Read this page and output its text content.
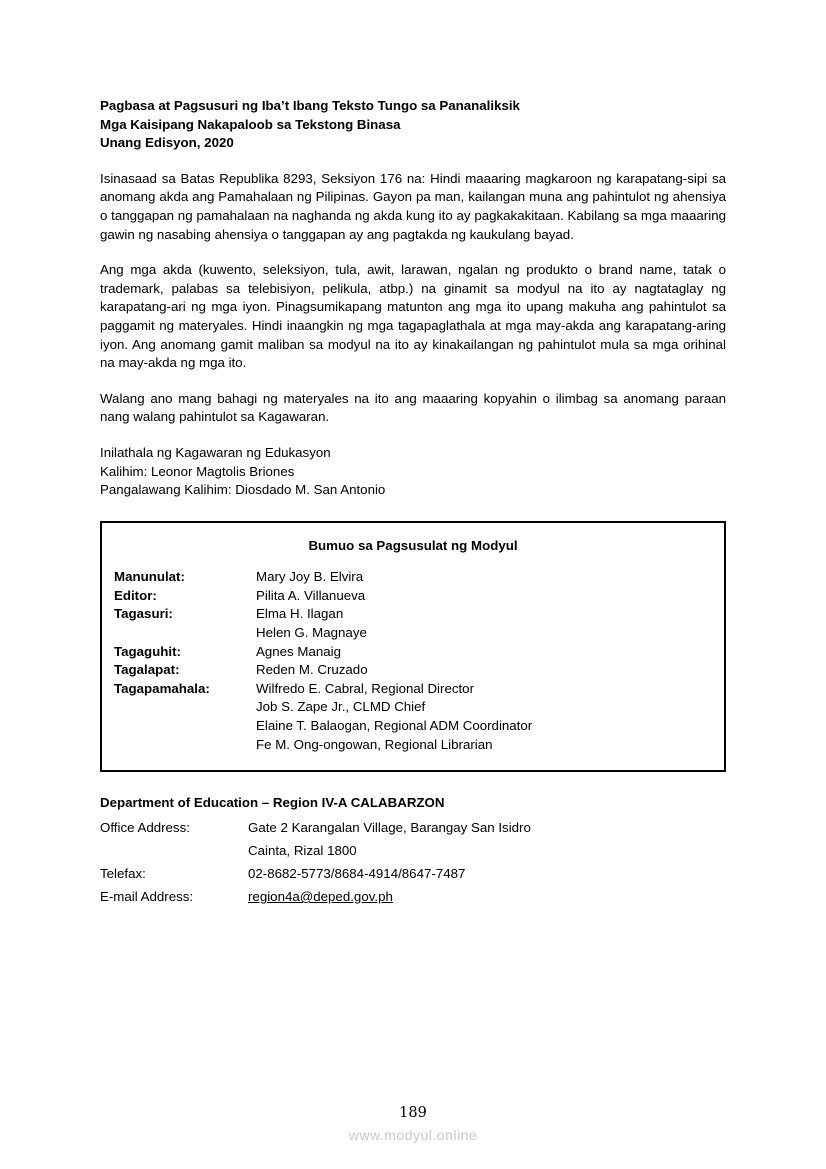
Pagbasa at Pagsusuri ng Iba’t Ibang Teksto Tungo sa Pananaliksik

Mga Kaisipang Nakapaloob sa Tekstong Binasa

Unang Edisyon, 2020

Isinasaad sa Batas Republika 8293, Seksiyon 176 na: Hindi maaaring magkaroon ng karapatang-sipi sa anomang akda ang Pamahalaan ng Pilipinas. Gayon pa man, kailangan muna ang pahintulot ng ahensiya o tanggapan ng pamahalaan na naghanda ng akda kung ito ay pagkakakitaan. Kabilang sa mga maaaring gawin ng nasabing ahensiya o tanggapan ay ang pagtakda ng kaukulang bayad.

Ang mga akda (kuwento, seleksiyon, tula, awit, larawan, ngalan ng produkto o brand name, tatak o trademark, palabas sa telebisiyon, pelikula, atbp.) na ginamit sa modyul na ito ay nagtataglay ng karapatang-ari ng mga iyon. Pinagsumikapang matunton ang mga ito upang makuha ang pahintulot sa paggamit ng materyales. Hindi inaangkin ng mga tagapaglathala at mga may-akda ang karapatang-aring iyon. Ang anomang gamit maliban sa modyul na ito ay kinakailangan ng pahintulot mula sa mga orihinal na may-akda ng mga ito.

Walang ano mang bahagi ng materyales na ito ang maaaring kopyahin o ilimbag sa anomang paraan nang walang pahintulot sa Kagawaran.

Inilathala ng Kagawaran ng Edukasyon

Kalihim: Leonor Magtolis Briones

Pangalawang Kalihim: Diosdado M. San Antonio

Bumuo sa Pagsusulat ng Modyul

Manunulat:	Mary Joy B. Elvira
Editor:	Pilita A. Villanueva
Tagasuri:	Elma H. Ilagan
Helen G. Magnaye
Tagaguhit:	Agnes Manaig
Tagalapat:	Reden M. Cruzado
Tagapamahala:	Wilfredo E. Cabral, Regional Director
Job S. Zape Jr., CLMD Chief
Elaine T. Balaogan, Regional ADM Coordinator
Fe M. Ong-ongowan, Regional Librarian

Department of Education – Region IV-A CALABARZON

Office Address:	Gate 2 Karangalan Village, Barangay San Isidro
Cainta, Rizal 1800
Telefax:	02-8682-5773/8684-4914/8647-7487
E-mail Address:	region4a@deped.gov.ph
189
www.modyul.online
